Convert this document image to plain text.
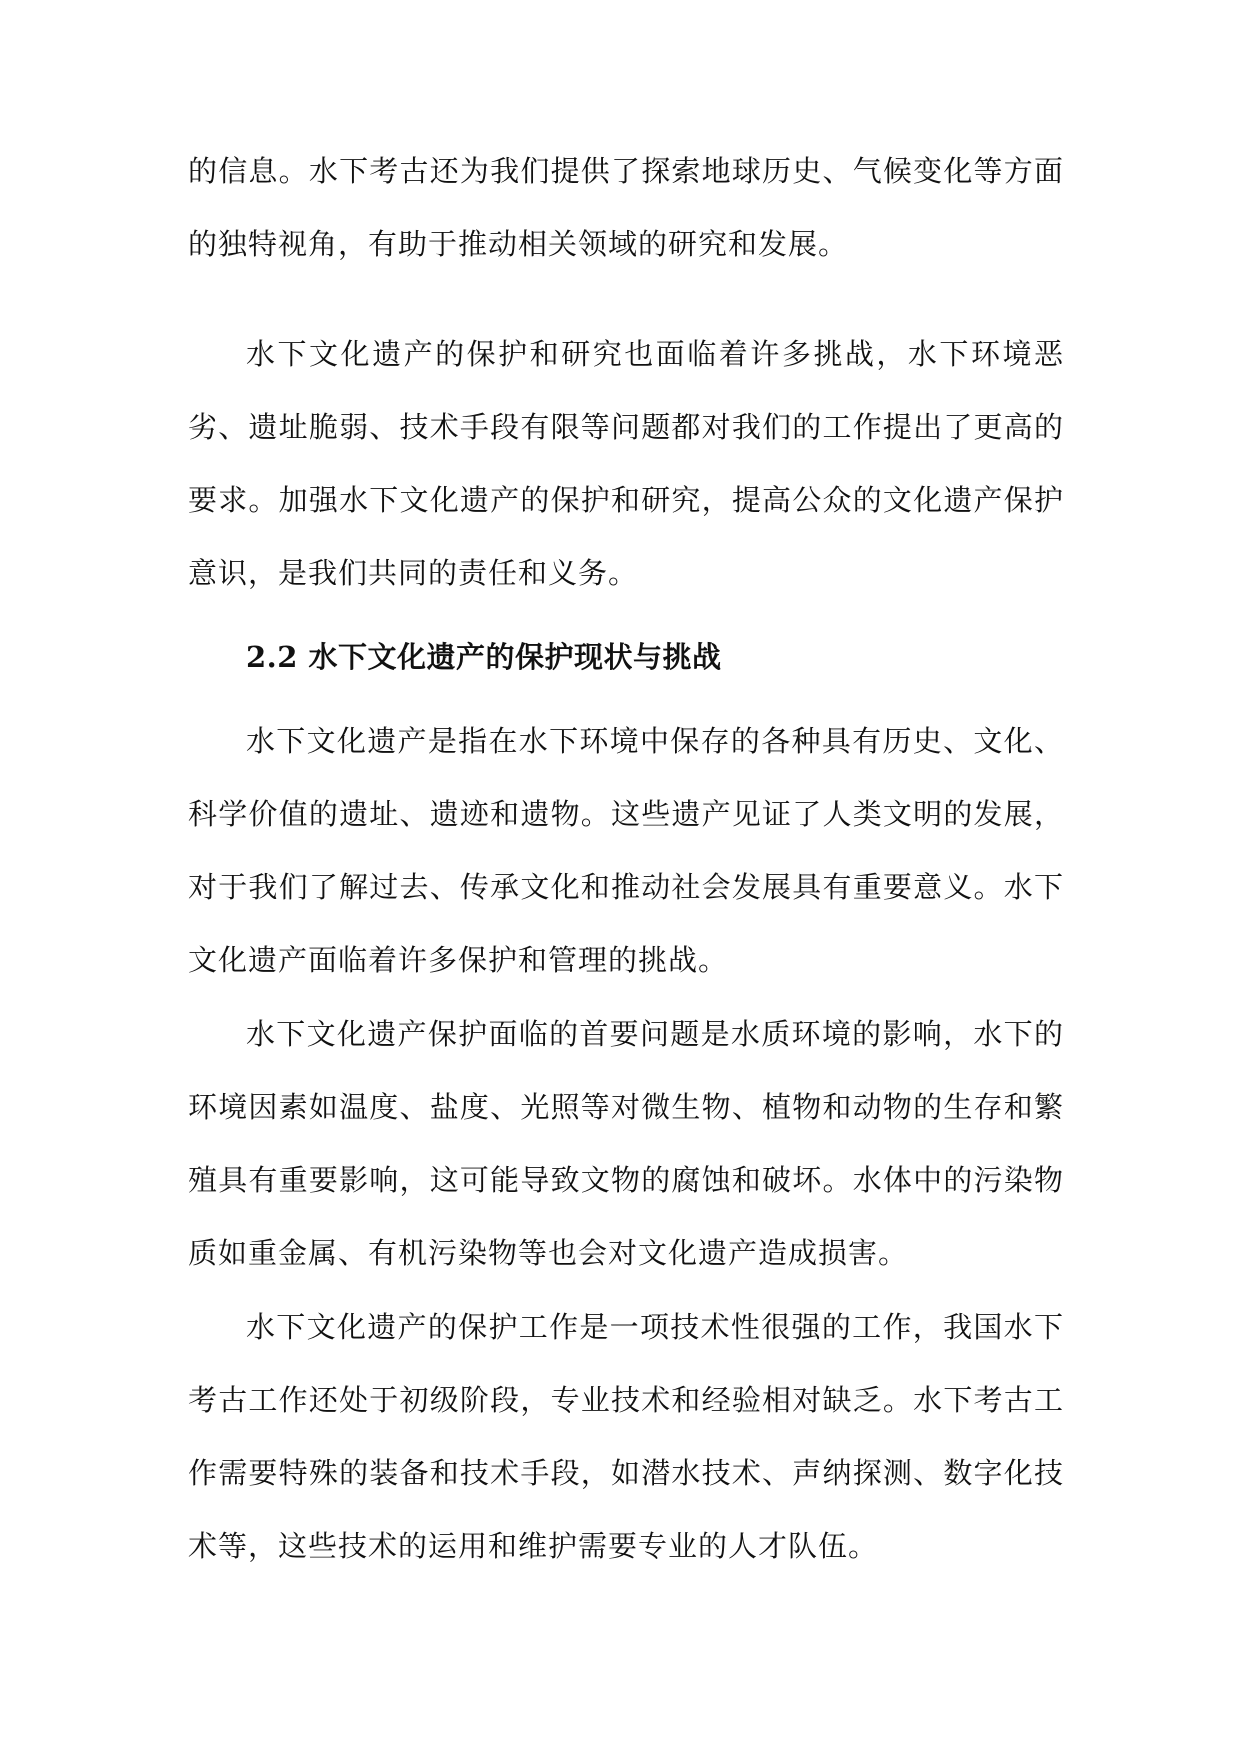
的信息。水下考古还为我们提供了探索地球历史、气候变化等方面的独特视角，有助于推动相关领域的研究和发展。

水下文化遗产的保护和研究也面临着许多挑战，水下环境恶劣、遗址脆弱、技术手段有限等问题都对我们的工作提出了更高的要求。加强水下文化遗产的保护和研究，提高公众的文化遗产保护意识，是我们共同的责任和义务。

2.2 水下文化遗产的保护现状与挑战

水下文化遗产是指在水下环境中保存的各种具有历史、文化、科学价值的遗址、遗迹和遗物。这些遗产见证了人类文明的发展，对于我们了解过去、传承文化和推动社会发展具有重要意义。水下文化遗产面临着许多保护和管理的挑战。

水下文化遗产保护面临的首要问题是水质环境的影响，水下的环境因素如温度、盐度、光照等对微生物、植物和动物的生存和繁殖具有重要影响，这可能导致文物的腐蚀和破坏。水体中的污染物质如重金属、有机污染物等也会对文化遗产造成损害。

水下文化遗产的保护工作是一项技术性很强的工作，我国水下考古工作还处于初级阶段，专业技术和经验相对缺乏。水下考古工作需要特殊的装备和技术手段，如潜水技术、声纳探测、数字化技术等，这些技术的运用和维护需要专业的人才队伍。
